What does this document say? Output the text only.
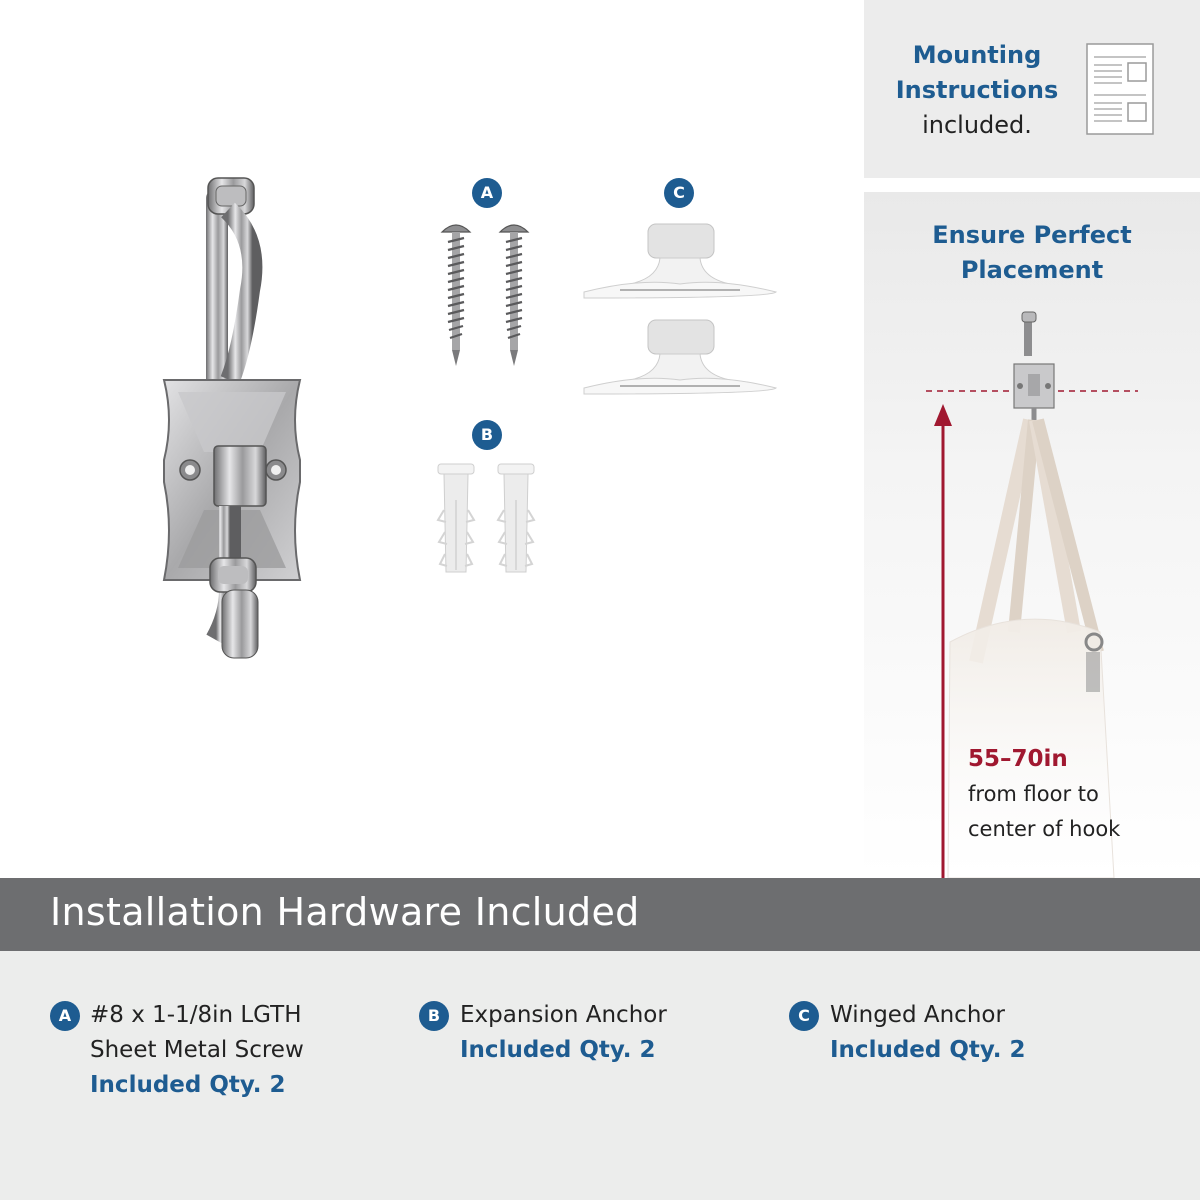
A
B
C
Mounting
Instructions
included.
Ensure Perfect
Placement
55–70in
from floor to
center of hook
Installation Hardware Included
A #8 x 1-1/8in LGTH
Sheet Metal Screw
Included Qty. 2
B Expansion Anchor
Included Qty. 2
C Winged Anchor
Included Qty. 2
